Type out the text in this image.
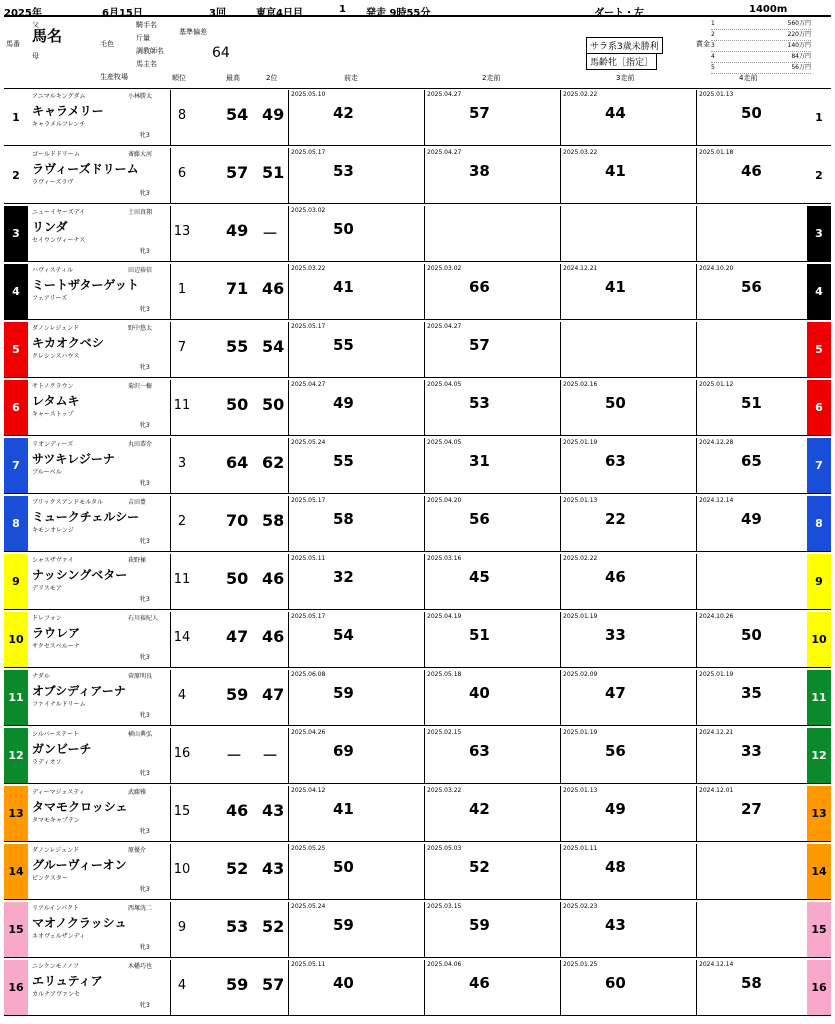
2025年	6月15日	3回	東京4日目	1 発走 9時55分	ダート・左	1400m
馬番 馬名
父
母
毛色
騎手名
斤量
調教師名
馬主名
生産牧場
基準偏差
64
順位	最高	2位	前走	2走前	3走前	4走前
サラ系3歳未勝利
馬齢牝［指定］
賞金
1	560万円
2	220万円
3	140万円
4	84万円
5	56万円
1
アニマルキングダム	小林勝太
キャラメリー
キャラメルフレンチ
牝3
8	54 49
2025.05.10
42
2025.04.27
57
2025.02.22
44
2025.01.13
50	1
2
ゴールドドリーム	斎藤大河
ラヴィーズドリーム
ラヴィーズラヴ
牝3
6	57 51
2025.05.17
53
2025.04.27
38
2025.03.22
41
2025.01.18
46	2
3
ニューイヤーズデイ	土田真翔
リンダ
セイウンヴィーナス
牝3
13 49 －
2025.03.02
50	3
4
ハヴィスティル	田辺裕信
ミートザターゲット
フェアリーズ
牝3
1	71 46
2025.03.22
41
2025.03.02
66
2024.12.21
41
2024.10.20
56	4
5
ダノンレジェンド	野中悠太
キカオクベシ
クレシンスハウス
牝3
7	55 54
2025.05.17
55
2025.04.27
57	5
6
サトノクラウン	菊沢一樹
レタムキ
キャーストップ
牝3
11 50 50
2025.04.27
49
2025.04.05
53
2025.02.16
50
2025.01.12
51	6
7
リオンディーズ	丸田恭介
サツキレジーナ
ブルーベル
牝3
3	64 62
2025.05.24
55
2025.04.05
31
2025.01.19
63
2024.12.28
65	7
8
ブリックスアンドモルタル	吉田豊
ミュークチェルシー
キモンオレンジ
牝3
2	70 58
2025.05.17
58
2025.04.20
56
2025.01.13
22
2024.12.14
49	8
9
シャスザヴァイ	荻野極
ナッシングベター
デリスモア
牝3
11 50 46
2025.05.11
32
2025.03.16
45
2025.02.22
46	9
10
ドレフォン	石川裕紀人
ラウレア
サクセスベルーナ
牝3
14 47 46
2025.05.17
54
2025.04.19
51
2025.01.19
33
2024.10.26
50	10
11
ナダル	菅原明良
オブシディアーナ
ファイナルドリーム
牝3
4	59 47
2025.06.08
59
2025.05.18
40
2025.02.09
47
2025.01.19
35	11
12
シルバーステート	横山典弘
ガンビーチ
ラディオソ
牝3
16 － －
2025.04.26
69
2025.02.15
63
2025.01.19
56
2024.12.21
33	12
13
ディーマジェスティ	武藤雅
タマモクロッシェ
タマモキャプテン
牝3
15 46 43
2025.04.12
41
2025.03.22
42
2025.01.13
49
2024.12.01
27	13
14
ダノンレジェンド	原優介
グルーヴィーオン
ピンクスター
牝3
10 52 43
2025.05.25
50
2025.05.03
52
2025.01.11
48	14
15
リアルインパクト	西塚洸二
マオノクラッシュ
ネオヴェルザンディ
牝3
9	53 52
2025.05.24
59
2025.03.15
59
2025.02.23
43	15
16
ニシケンモノノフ	木幡巧也
エリュティア
カルナアヴァンセ
牝3
4	59 57
2025.05.11
40
2025.04.06
46
2025.01.25
60
2024.12.14
58	16
